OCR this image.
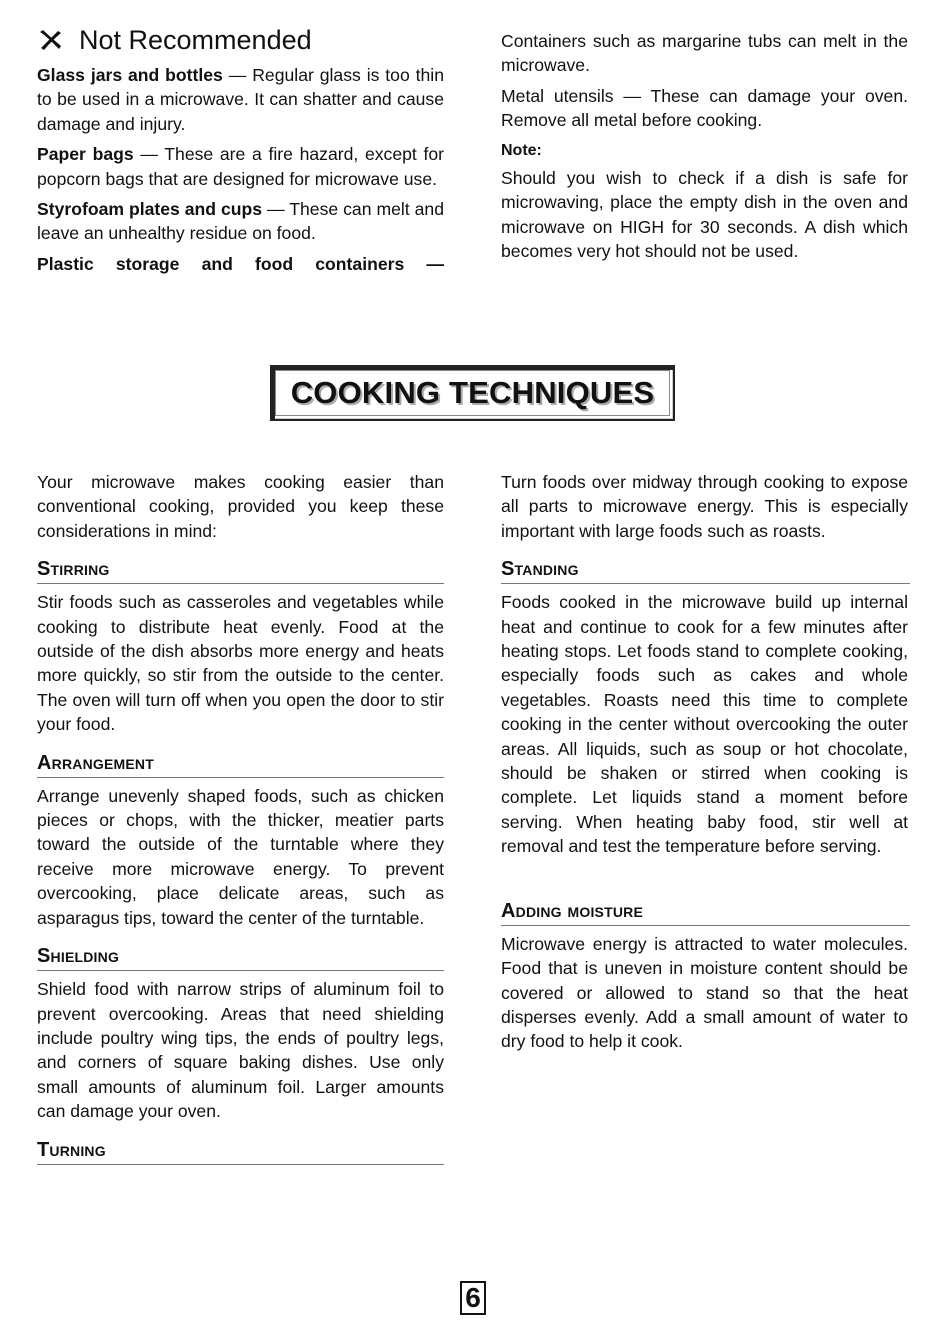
Not Recommended

Glass jars and bottles — Regular glass is too thin to be used in a microwave. It can shatter and cause damage and injury.

Paper bags — These are a fire hazard, except for popcorn bags that are designed for microwave use.

Styrofoam plates and cups — These can melt and leave an unhealthy residue on food.

Plastic storage and food containers —

Containers such as margarine tubs can melt in the microwave.

Metal utensils — These can damage your oven. Remove all metal before cooking.

Note:

Should you wish to check if a dish is safe for microwaving, place the empty dish in the oven and microwave on HIGH for 30 seconds. A dish which becomes very hot should not be used.

COOKING TECHNIQUES

Your microwave makes cooking easier than conventional cooking, provided you keep these considerations in mind:

Stirring

Stir foods such as casseroles and vegetables while cooking to distribute heat evenly. Food at the outside of the dish absorbs more energy and heats more quickly, so stir from the outside to the center. The oven will turn off when you open the door to stir your food.

Arrangement

Arrange unevenly shaped foods, such as chicken pieces or chops, with the thicker, meatier parts toward the outside of the turntable where they receive more microwave energy. To prevent overcooking, place delicate areas, such as asparagus tips, toward the center of the turntable.

Shielding

Shield food with narrow strips of aluminum foil to prevent overcooking. Areas that need shielding include poultry wing tips, the ends of poultry legs, and corners of square baking dishes. Use only small amounts of aluminum foil. Larger amounts can damage your oven.

Turning

Turn foods over midway through cooking to expose all parts to microwave energy. This is especially important with large foods such as roasts.

Standing

Foods cooked in the microwave build up internal heat and continue to cook for a few minutes after heating stops. Let foods stand to complete cooking, especially foods such as cakes and whole vegetables. Roasts need this time to complete cooking in the center without overcooking the outer areas. All liquids, such as soup or hot chocolate, should be shaken or stirred when cooking is complete. Let liquids stand a moment before serving. When heating baby food, stir well at removal and test the temperature before serving.

Adding moisture

Microwave energy is attracted to water molecules. Food that is uneven in moisture content should be covered or allowed to stand so that the heat disperses evenly. Add a small amount of water to dry food to help it cook.

6
